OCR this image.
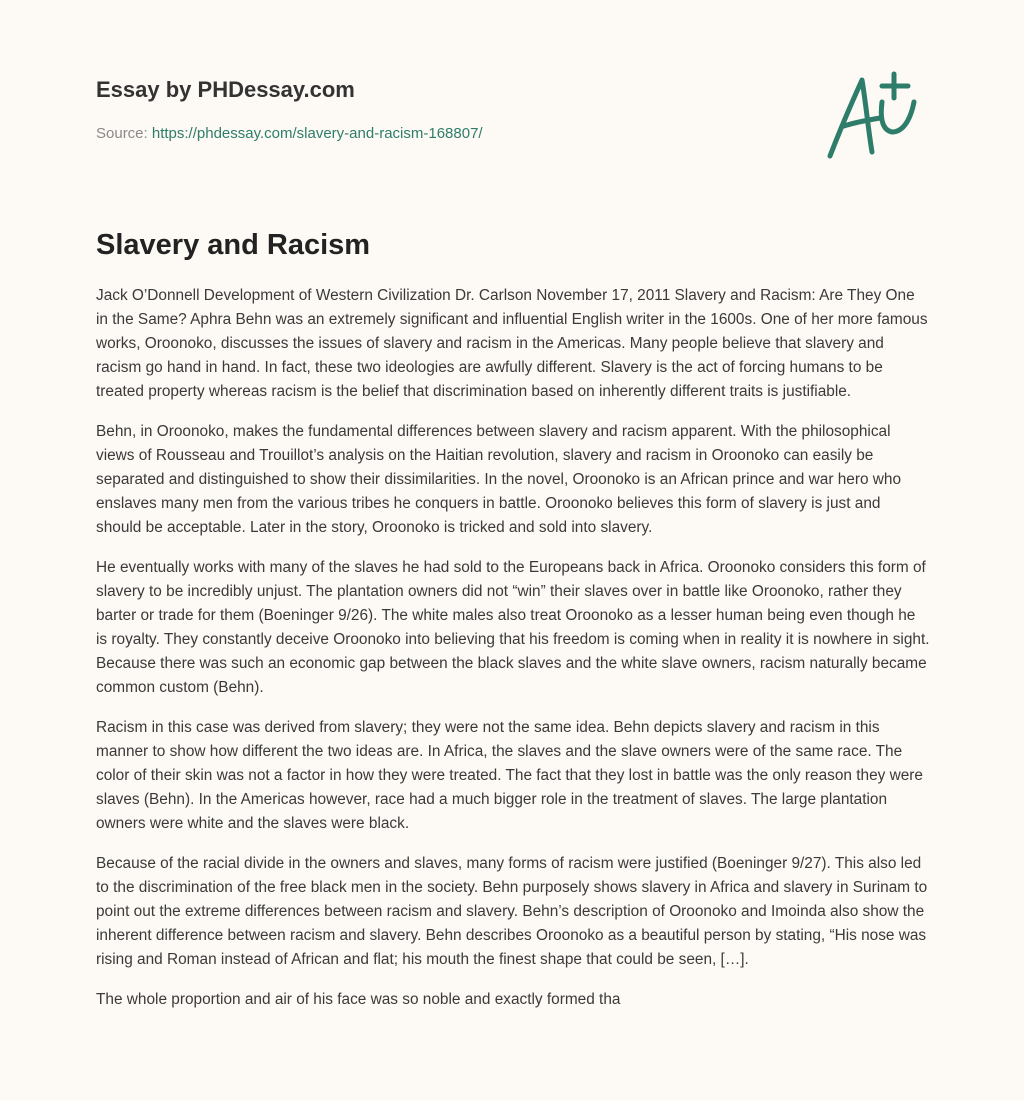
Essay by PHDessay.com
Source: https://phdessay.com/slavery-and-racism-168807/
Slavery and Racism

Jack O’Donnell Development of Western Civilization Dr. Carlson November 17, 2011 Slavery and Racism: Are They One in the Same? Aphra Behn was an extremely significant and influential English writer in the 1600s. One of her more famous works, Oroonoko, discusses the issues of slavery and racism in the Americas. Many people believe that slavery and racism go hand in hand. In fact, these two ideologies are awfully different. Slavery is the act of forcing humans to be treated property whereas racism is the belief that discrimination based on inherently different traits is justifiable.

Behn, in Oroonoko, makes the fundamental differences between slavery and racism apparent. With the philosophical views of Rousseau and Trouillot’s analysis on the Haitian revolution, slavery and racism in Oroonoko can easily be separated and distinguished to show their dissimilarities. In the novel, Oroonoko is an African prince and war hero who enslaves many men from the various tribes he conquers in battle. Oroonoko believes this form of slavery is just and should be acceptable. Later in the story, Oroonoko is tricked and sold into slavery.

He eventually works with many of the slaves he had sold to the Europeans back in Africa. Oroonoko considers this form of slavery to be incredibly unjust. The plantation owners did not “win” their slaves over in battle like Oroonoko, rather they barter or trade for them (Boeninger 9/26). The white males also treat Oroonoko as a lesser human being even though he is royalty. They constantly deceive Oroonoko into believing that his freedom is coming when in reality it is nowhere in sight. Because there was such an economic gap between the black slaves and the white slave owners, racism naturally became common custom (Behn).

Racism in this case was derived from slavery; they were not the same idea. Behn depicts slavery and racism in this manner to show how different the two ideas are. In Africa, the slaves and the slave owners were of the same race. The color of their skin was not a factor in how they were treated. The fact that they lost in battle was the only reason they were slaves (Behn). In the Americas however, race had a much bigger role in the treatment of slaves. The large plantation owners were white and the slaves were black.

Because of the racial divide in the owners and slaves, many forms of racism were justified (Boeninger 9/27). This also led to the discrimination of the free black men in the society. Behn purposely shows slavery in Africa and slavery in Surinam to point out the extreme differences between racism and slavery. Behn’s description of Oroonoko and Imoinda also show the inherent difference between racism and slavery. Behn describes Oroonoko as a beautiful person by stating, “His nose was rising and Roman instead of African and flat; his mouth the finest shape that could be seen, […].

The whole proportion and air of his face was so noble and exactly formed tha
